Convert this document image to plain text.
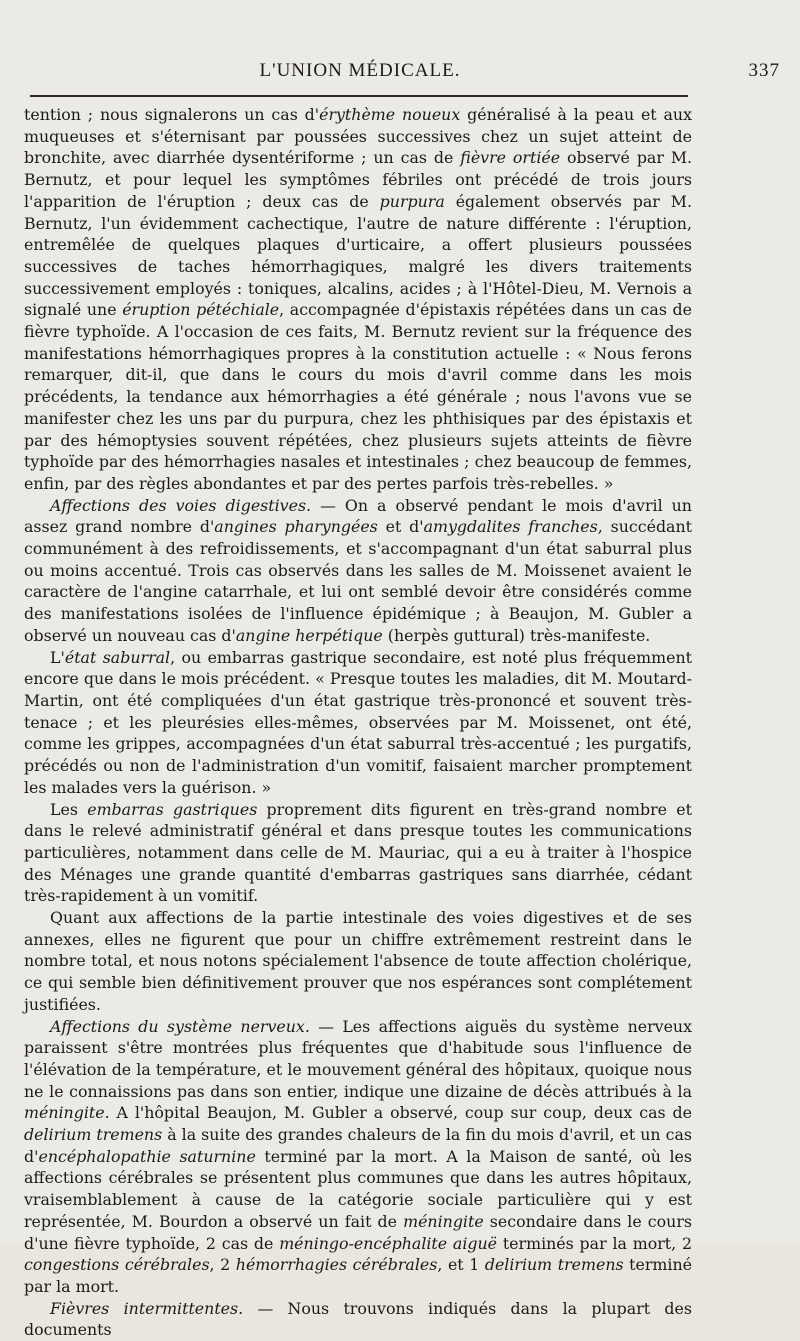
L'UNION MÉDICALE.	337

tention ; nous signalerons un cas d'érythème noueux généralisé à la peau et aux muqueuses et s'éternisant par poussées successives chez un sujet atteint de bronchite, avec diarrhée dysentériforme ; un cas de fièvre ortiée observé par M. Bernutz, et pour lequel les symptômes fébriles ont précédé de trois jours l'apparition de l'éruption ; deux cas de purpura également observés par M. Bernutz, l'un évidemment cachectique, l'autre de nature différente : l'éruption, entremêlée de quelques plaques d'urticaire, a offert plusieurs poussées successives de taches hémorrhagiques, malgré les divers traitements successivement employés : toniques, alcalins, acides ; à l'Hôtel-Dieu, M. Vernois a signalé une éruption pétéchiale, accompagnée d'épistaxis répétées dans un cas de fièvre typhoïde. A l'occasion de ces faits, M. Bernutz revient sur la fréquence des manifestations hémorrhagiques propres à la constitution actuelle : « Nous ferons remarquer, dit-il, que dans le cours du mois d'avril comme dans les mois précédents, la tendance aux hémorrhagies a été générale ; nous l'avons vue se manifester chez les uns par du purpura, chez les phthisiques par des épistaxis et par des hémoptysies souvent répétées, chez plusieurs sujets atteints de fièvre typhoïde par des hémorrhagies nasales et intestinales ; chez beaucoup de femmes, enfin, par des règles abondantes et par des pertes parfois très-rebelles. »

Affections des voies digestives. — On a observé pendant le mois d'avril un assez grand nombre d'angines pharyngées et d'amygdalites franches, succédant communément à des refroidissements, et s'accompagnant d'un état saburral plus ou moins accentué. Trois cas observés dans les salles de M. Moissenet avaient le caractère de l'angine catarrhale, et lui ont semblé devoir être considérés comme des manifestations isolées de l'influence épidémique ; à Beaujon, M. Gubler a observé un nouveau cas d'angine herpétique (herpès guttural) très-manifeste.

L'état saburral, ou embarras gastrique secondaire, est noté plus fréquemment encore que dans le mois précédent. « Presque toutes les maladies, dit M. Moutard-Martin, ont été compliquées d'un état gastrique très-prononcé et souvent très-tenace ; et les pleurésies elles-mêmes, observées par M. Moissenet, ont été, comme les grippes, accompagnées d'un état saburral très-accentué ; les purgatifs, précédés ou non de l'administration d'un vomitif, faisaient marcher promptement les malades vers la guérison. »

Les embarras gastriques proprement dits figurent en très-grand nombre et dans le relevé administratif général et dans presque toutes les communications particulières, notamment dans celle de M. Mauriac, qui a eu à traiter à l'hospice des Ménages une grande quantité d'embarras gastriques sans diarrhée, cédant très-rapidement à un vomitif.

Quant aux affections de la partie intestinale des voies digestives et de ses annexes, elles ne figurent que pour un chiffre extrêmement restreint dans le nombre total, et nous notons spécialement l'absence de toute affection cholérique, ce qui semble bien définitivement prouver que nos espérances sont complétement justifiées.

Affections du système nerveux. — Les affections aiguës du système nerveux paraissent s'être montrées plus fréquentes que d'habitude sous l'influence de l'élévation de la température, et le mouvement général des hôpitaux, quoique nous ne le connaissions pas dans son entier, indique une dizaine de décès attribués à la méningite. A l'hôpital Beaujon, M. Gubler a observé, coup sur coup, deux cas de delirium tremens à la suite des grandes chaleurs de la fin du mois d'avril, et un cas d'encéphalopathie saturnine terminé par la mort. A la Maison de santé, où les affections cérébrales se présentent plus communes que dans les autres hôpitaux, vraisemblablement à cause de la catégorie sociale particulière qui y est représentée, M. Bourdon a observé un fait de méningite secondaire dans le cours d'une fièvre typhoïde, 2 cas de méningo-encéphalite aiguë terminés par la mort, 2 congestions cérébrales, 2 hémorrhagies cérébrales, et 1 delirium tremens terminé par la mort.

Fièvres intermittentes. — Nous trouvons indiqués dans la plupart des documents
